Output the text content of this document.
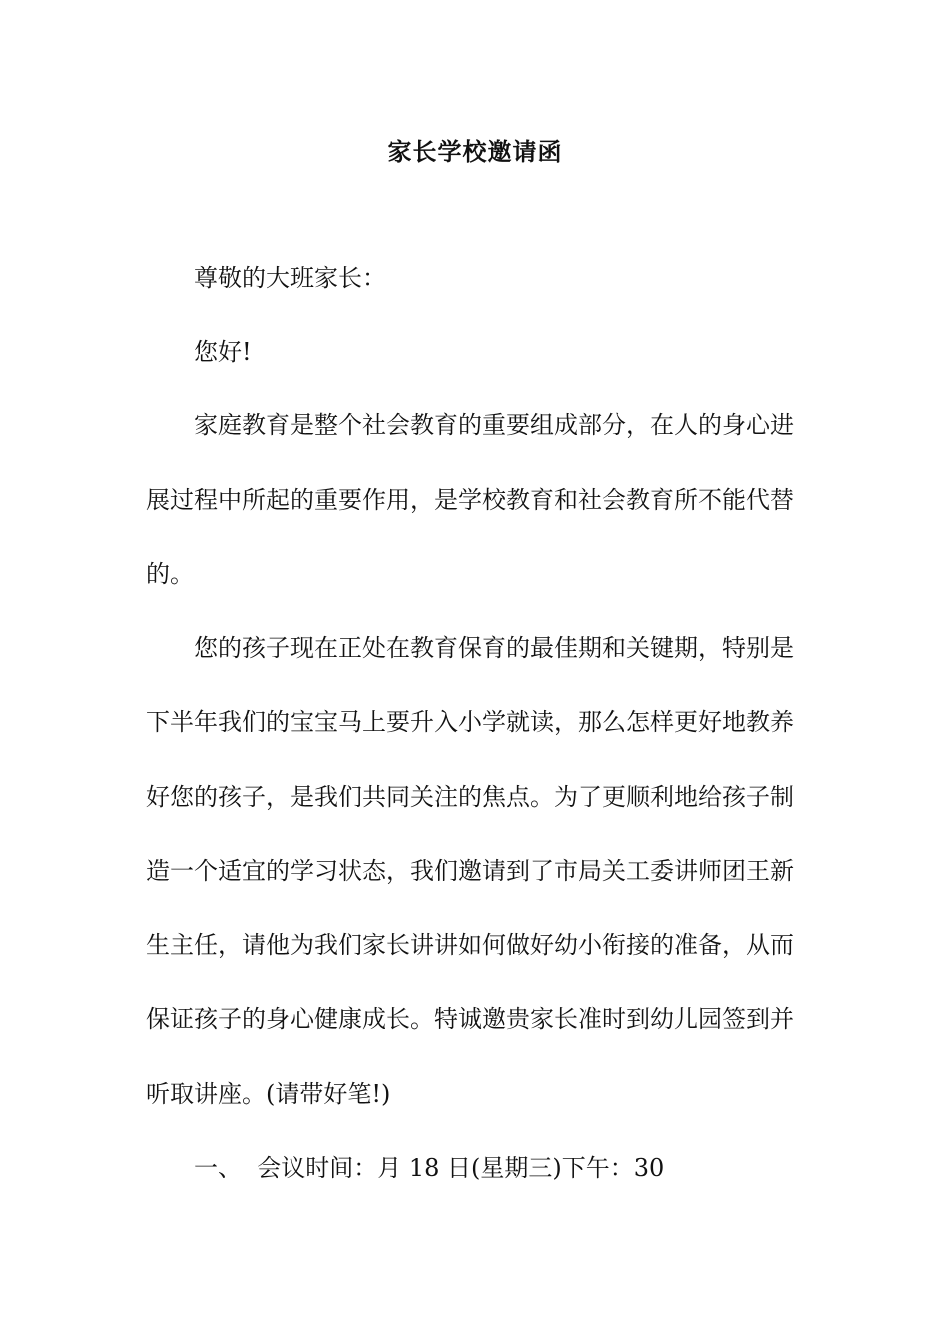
家长学校邀请函
尊敬的大班家长：
您好!
家庭教育是整个社会教育的重要组成部分，在人的身心进
展过程中所起的重要作用，是学校教育和社会教育所不能代替
的。
您的孩子现在正处在教育保育的最佳期和关键期，特别是
下半年我们的宝宝马上要升入小学就读，那么怎样更好地教养
好您的孩子，是我们共同关注的焦点。为了更顺利地给孩子制
造一个适宜的学习状态，我们邀请到了市局关工委讲师团王新
生主任，请他为我们家长讲讲如何做好幼小衔接的准备，从而
保证孩子的身心健康成长。特诚邀贵家长准时到幼儿园签到并
听取讲座。(请带好笔!)
一、  会议时间：月 18 日(星期三)下午：30
